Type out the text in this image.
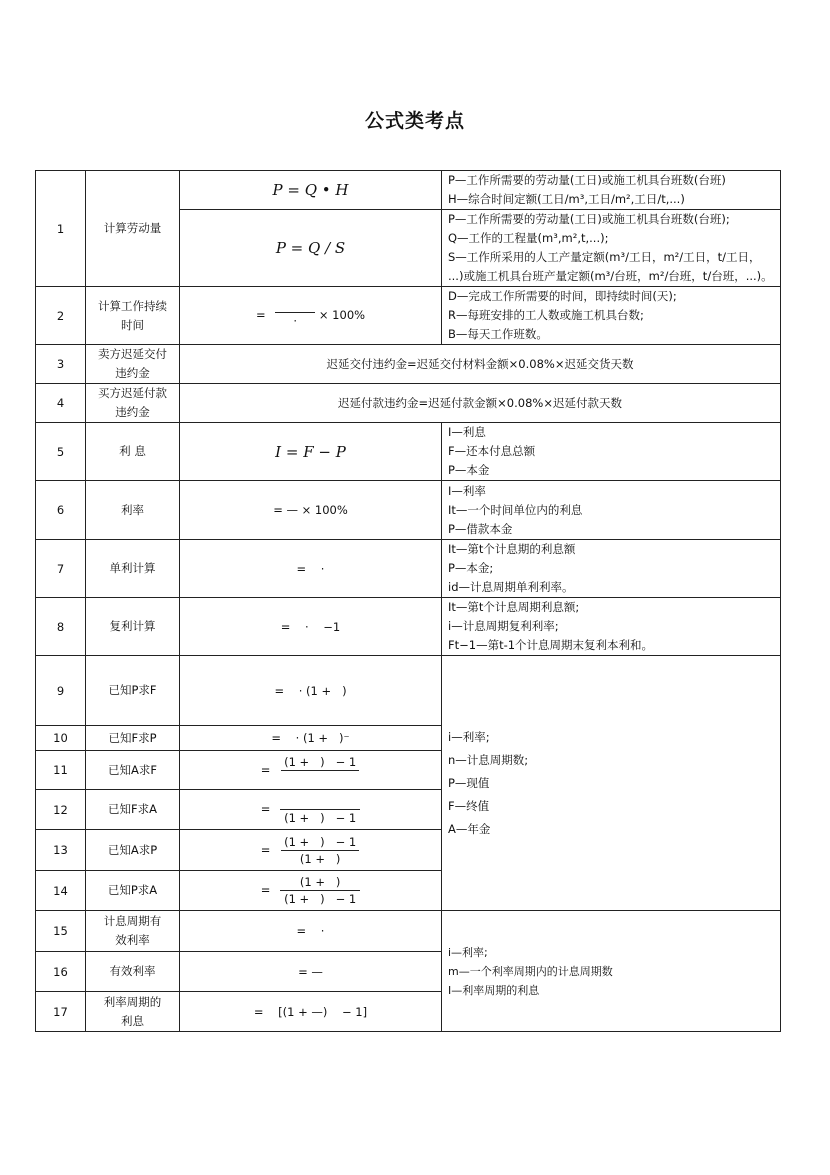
公式类考点
1	计算劳动量	P = Q • H	P—工作所需要的劳动量(工日)或施工机具台班数(台班)
H—综合时间定额(工日/m³,工日/m²,工日/t,...)

		P = Q / S	P—工作所需要的劳动量(工日)或施工机具台班数(台班);
Q—工作的工程量(m³,m²,t,...);
S—工作所采用的人工产量定额(m³/工日，m²/工日，t/工日，
...)或施工机具台班产量定额(m³/台班，m²/台班，t/台班，...)。

2	计算工作持续
时间	= · × 100%	D—完成工作所需要的时间，即持续时间(天);
R—每班安排的工人数或施工机具台数;
B—每天工作班数。

3	卖方迟延交付
违约金	迟延交付违约金=迟延交付材料金额×0.08%×迟延交货天数	
4	买方迟延付款
违约金	迟延付款违约金=迟延付款金额×0.08%×迟延付款天数	
5	利 息	I = F − P	I—利息
F—还本付息总额
P—本金

6	利率	= — × 100%	I—利率
It—一个时间单位内的利息
P—借款本金

7	单利计算	=    ·	It—第t个计息期的利息额
P—本金;
id—计息周期单利利率。

8	复利计算	=    ·    −1	It—第t个计息周期利息额;
i—计息周期复利利率;
Ft−1—第t-1个计息周期末复利本利和。

9	已知P求F	=    · (1 +   )	i—利率;
n—计息周期数;
P—现值
F—终值
A—年金

10	已知F求P	=    · (1 +   )⁻	
11	已知A求F	=
(1 +   )   − 1	

12	已知F求A	=
(1 +   )   − 1	

13	已知A求P	= $\frac{(1 + ) - 1}{(1 + )}$

14	已知P求A	= $\frac{(1 + )}{(1 + ) - 1}$

15	计息周期有
效利率	=    ·	i—利率;
m—一个利率周期内的计息周期数
I—利率周期的利息

16	有效利率	= —	
17	利率周期的
利息	=    [(1 + —)    − 1]	
